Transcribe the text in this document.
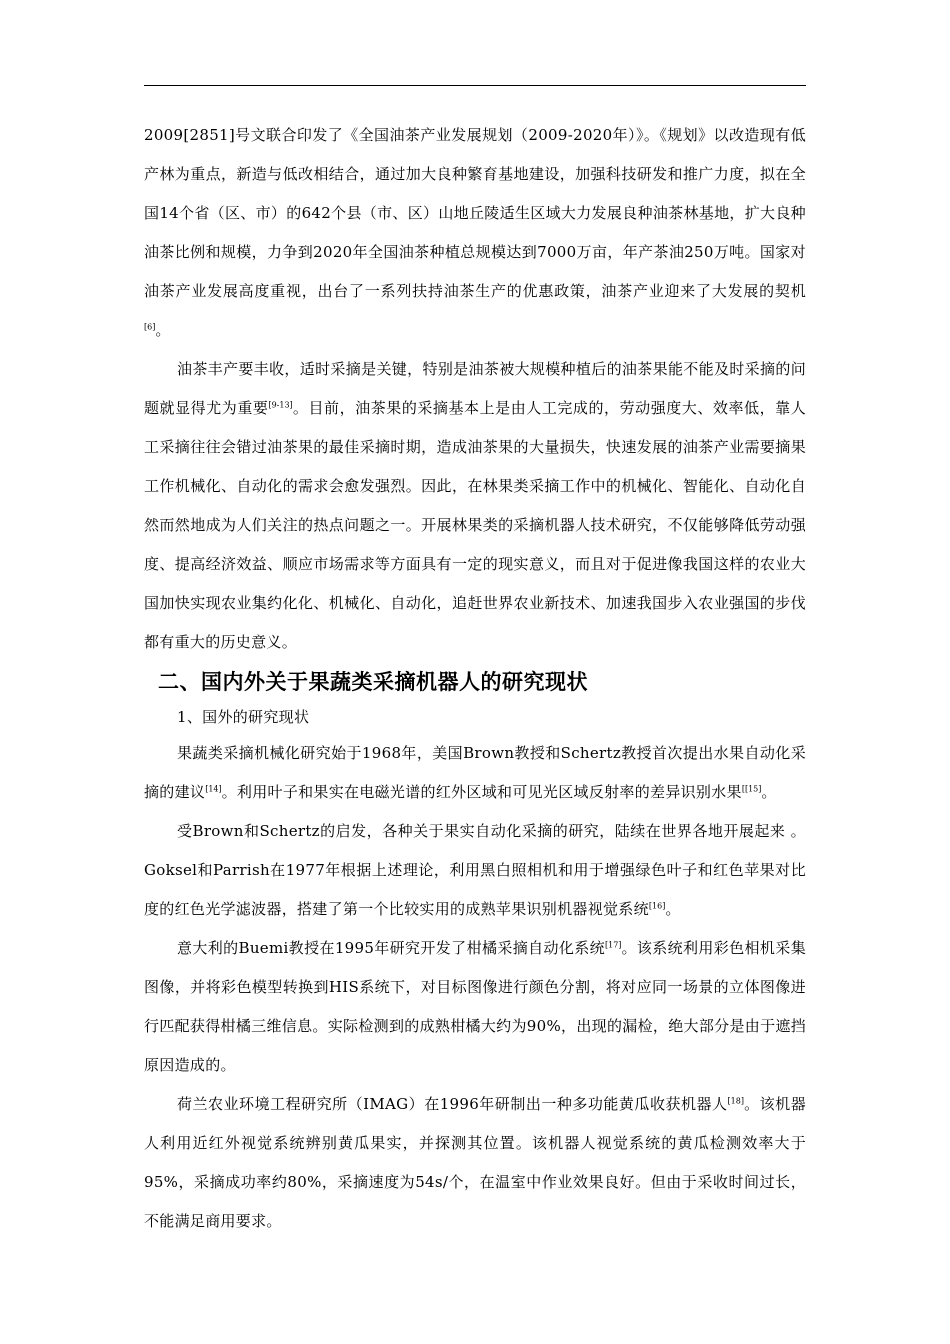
2009[2851]号文联合印发了《全国油茶产业发展规划（2009-2020年）》。《规划》以改造现有低产林为重点，新造与低改相结合，通过加大良种繁育基地建设，加强科技研发和推广力度，拟在全国14个省（区、市）的642个县（市、区）山地丘陵适生区域大力发展良种油茶林基地，扩大良种油茶比例和规模，力争到2020年全国油茶种植总规模达到7000万亩，年产茶油250万吨。国家对油茶产业发展高度重视，出台了一系列扶持油茶生产的优惠政策，油茶产业迎来了大发展的契机[6]。

油茶丰产要丰收，适时采摘是关键，特别是油茶被大规模种植后的油茶果能不能及时采摘的问题就显得尤为重要[9-13]。目前，油茶果的采摘基本上是由人工完成的，劳动强度大、效率低，靠人工采摘往往会错过油茶果的最佳采摘时期，造成油茶果的大量损失，快速发展的油茶产业需要摘果工作机械化、自动化的需求会愈发强烈。因此，在林果类采摘工作中的机械化、智能化、自动化自然而然地成为人们关注的热点问题之一。开展林果类的采摘机器人技术研究，不仅能够降低劳动强度、提高经济效益、顺应市场需求等方面具有一定的现实意义，而且对于促进像我国这样的农业大国加快实现农业集约化化、机械化、自动化，追赶世界农业新技术、加速我国步入农业强国的步伐都有重大的历史意义。

二、国内外关于果蔬类采摘机器人的研究现状
1、国外的研究现状

果蔬类采摘机械化研究始于1968年，美国Brown教授和Schertz教授首次提出水果自动化采摘的建议[14]。利用叶子和果实在电磁光谱的红外区域和可见光区域反射率的差异识别水果[[15]。

受Brown和Schertz的启发，各种关于果实自动化采摘的研究，陆续在世界各地开展起来 。Goksel和Parrish在1977年根据上述理论，利用黑白照相机和用于增强绿色叶子和红色苹果对比度的红色光学滤波器，搭建了第一个比较实用的成熟苹果识别机器视觉系统[16]。

意大利的Buemi教授在1995年研究开发了柑橘采摘自动化系统[17]。该系统利用彩色相机采集图像，并将彩色模型转换到HIS系统下，对目标图像进行颜色分割，将对应同一场景的立体图像进行匹配获得柑橘三维信息。实际检测到的成熟柑橘大约为90%，出现的漏检，绝大部分是由于遮挡原因造成的。

荷兰农业环境工程研究所（IMAG）在1996年研制出一种多功能黄瓜收获机器人[18]。该机器人利用近红外视觉系统辨别黄瓜果实，并探测其位置。该机器人视觉系统的黄瓜检测效率大于95%，采摘成功率约80%，采摘速度为54s/个，在温室中作业效果良好。但由于采收时间过长，不能满足商用要求。
